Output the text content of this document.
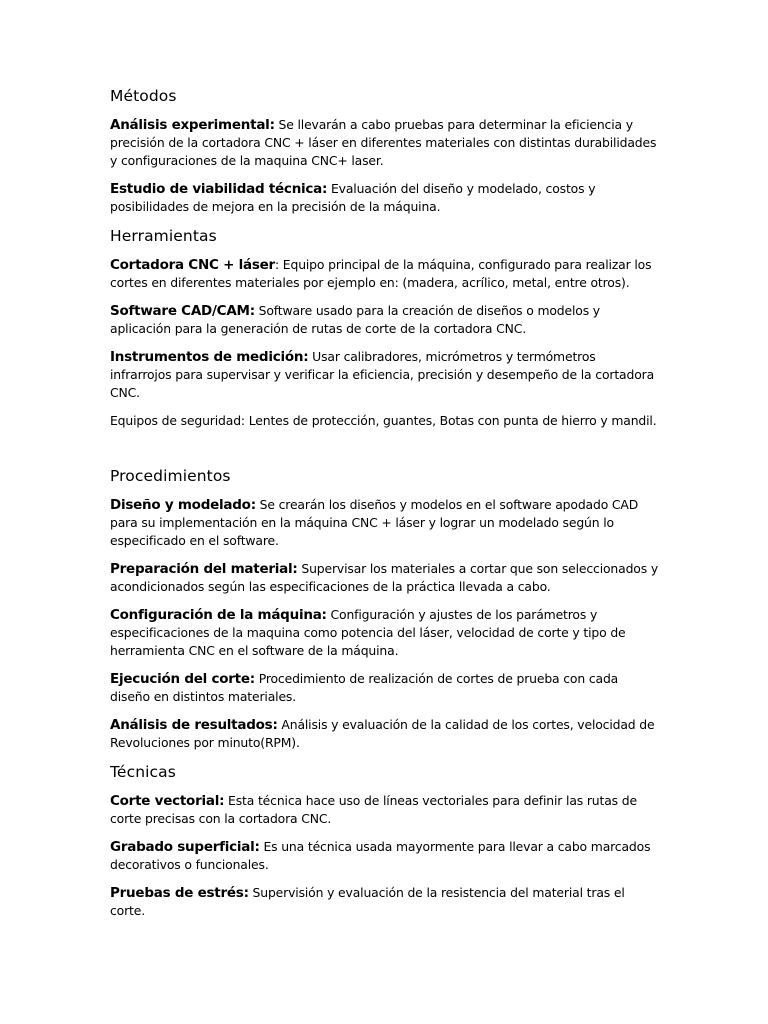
Métodos

Análisis experimental: Se llevarán a cabo pruebas para determinar la eficiencia y precisión de la cortadora CNC + láser en diferentes materiales con distintas durabilidades y configuraciones de la maquina CNC+ laser.

Estudio de viabilidad técnica: Evaluación del diseño y modelado, costos y posibilidades de mejora en la precisión de la máquina.

Herramientas

Cortadora CNC + láser: Equipo principal de la máquina, configurado para realizar los cortes en diferentes materiales por ejemplo en: (madera, acrílico, metal, entre otros).

Software CAD/CAM: Software usado para la creación de diseños o modelos y aplicación para la generación de rutas de corte de la cortadora CNC.

Instrumentos de medición: Usar calibradores, micrómetros y termómetros infrarrojos para supervisar y verificar la eficiencia, precisión y desempeño de la cortadora CNC.

Equipos de seguridad: Lentes de protección, guantes, Botas con punta de hierro y mandil.

Procedimientos

Diseño y modelado: Se crearán los diseños y modelos en el software apodado CAD para su implementación en la máquina CNC + láser y lograr un modelado según lo especificado en el software.

Preparación del material: Supervisar los materiales a cortar que son seleccionados y acondicionados según las especificaciones de la práctica llevada a cabo.

Configuración de la máquina: Configuración y ajustes de los parámetros y especificaciones de la maquina como potencia del láser, velocidad de corte y tipo de herramienta CNC en el software de la máquina.

Ejecución del corte: Procedimiento de realización de cortes de prueba con cada diseño en distintos materiales.

Análisis de resultados: Análisis y evaluación de la calidad de los cortes, velocidad de Revoluciones por minuto(RPM).

Técnicas

Corte vectorial: Esta técnica hace uso de líneas vectoriales para definir las rutas de corte precisas con la cortadora CNC.

Grabado superficial: Es una técnica usada mayormente para llevar a cabo marcados decorativos o funcionales.

Pruebas de estrés: Supervisión y evaluación de la resistencia del material tras el corte.
